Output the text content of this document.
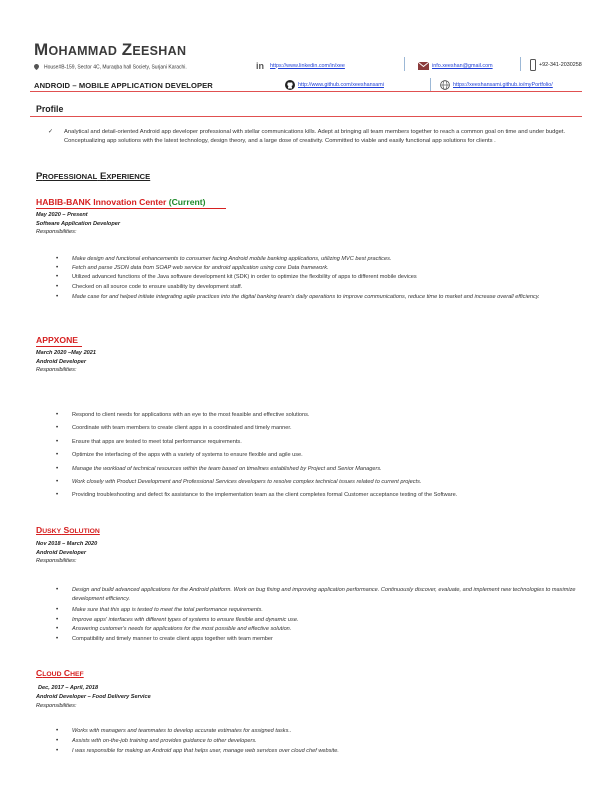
MOHAMMAD ZEESHAN
House#B-159, Sector 4C, Muraqba hall Society, Surjani Karachi.	in https://www.linkedin.com/in/xee	info.xeeshan@gmail.com	+92-341-2030258
ANDROID – MOBILE APPLICATION DEVELOPER	http://www.github.com/xeeshansami	https://xeeshansami.github.io/myPortfolio/
Profile
✓ Analytical and detail-oriented Android app developer professional with stellar communications kills. Adept at bringing all team members together to reach a common goal on time and under budget. Conceptualizing app solutions with the latest technology, design theory, and a large dose of creativity. Committed to viable and easily functional app solutions for clients .
PROFESSIONAL EXPERIENCE
HABIB-BANK Innovation Center (Current)
May 2020 – Present
Software Application Developer
Responsibilities:
• Make design and functional enhancements to consumer facing Android mobile banking applications, utilizing MVC best practices.
• Fetch and parse JSON data from SOAP web service for android application using core Data framework.
• Utilized advanced functions of the Java software development kit (SDK) in order to optimize the flexibility of apps to different mobile devices
• Checked on all source code to ensure usability by development staff.
• Made case for and helped initiate integrating agile practices into the digital banking team's daily operations to improve communications, reduce time to market and increase overall efficiency.
APPXONE
March 2020 –May 2021
Android Developer
Responsibilities:
• Respond to client needs for applications with an eye to the most feasible and effective solutions.
• Coordinate with team members to create client apps in a coordinated and timely manner.
• Ensure that apps are tested to meet total performance requirements.
• Optimize the interfacing of the apps with a variety of systems to ensure flexible and agile use.
• Manage the workload of technical resources within the team based on timelines established by Project and Senior Managers.
• Work closely with Product Development and Professional Services developers to resolve complex technical issues related to current projects.
• Providing troubleshooting and defect fix assistance to the implementation team as the client completes formal Customer acceptance testing of the Software.
DUSKY SOLUTION
Nov 2018 – March 2020
Android Developer
Responsibilities:
• Design and build advanced applications for the Android platform. Work on bug fixing and improving application performance. Continuously discover, evaluate, and implement new technologies to maximize development efficiency.
• Make sure that this app is tested to meet the total performance requirements.
• Improve apps' interfaces with different types of systems to ensure flexible and dynamic use.
• Answering customer's needs for applications for the most possible and effective solution.
• Compatibility and timely manner to create client apps together with team member
CLOUD CHEF
Dec, 2017 – April, 2018
Android Developer – Food Delivery Service
Responsibilities:
• Works with managers and teammates to develop accurate estimates for assigned tasks..
• Assists with on-the-job training and provides guidance to other developers.
• I was responsible for making an Android app that helps user, manage web services over cloud chef website.
